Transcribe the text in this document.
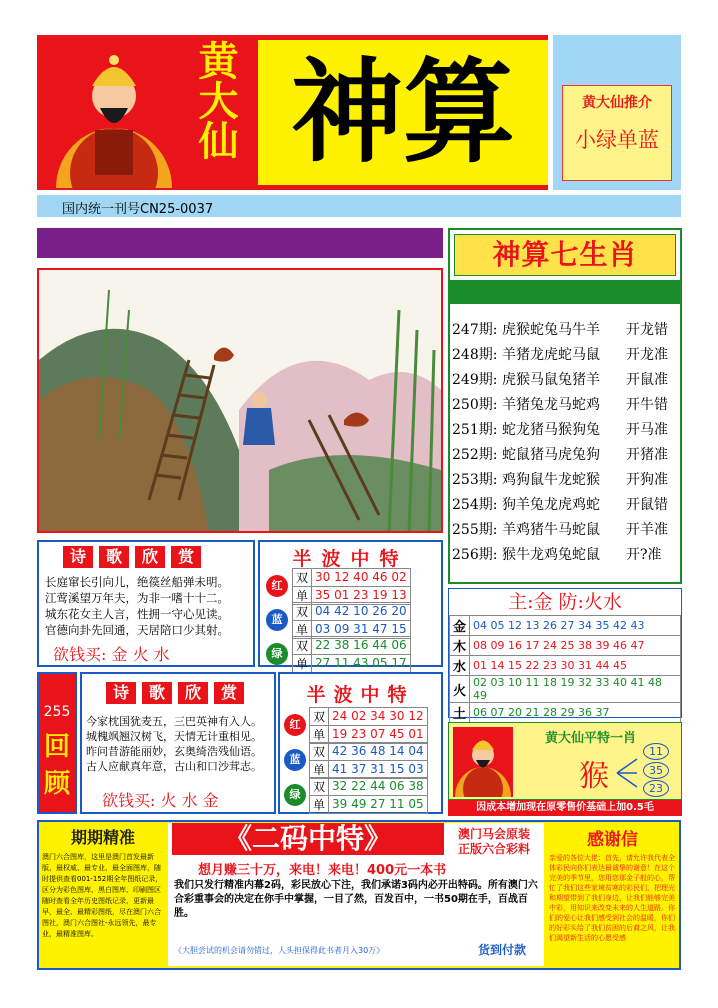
黄大仙 神算	黄大仙推介
小绿单蓝
国内统一刊号CN25-0037
神算七生肖
247期: 虎猴蛇兔马牛羊	开龙错
248期: 羊猪龙虎蛇马鼠	开龙准
249期: 虎猴马鼠兔猪羊	开鼠准
250期: 羊猪兔龙马蛇鸡	开牛错
251期: 蛇龙猪马猴狗兔	开马准
252期: 蛇鼠猪马虎兔狗	开猪准
253期: 鸡狗鼠牛龙蛇猴	开狗准
254期: 狗羊兔龙虎鸡蛇	开鼠错
255期: 羊鸡猪牛马蛇鼠	开羊准
256期: 猴牛龙鸡兔蛇鼠	开?准
诗	歌	欣	赏
长庭窜长引向儿，绝篌丝船弹未明。
江莺溪望万年夫，为非一嗜十十二。
城东花女主人言，性拥一守心见读。
官德向卦先回通，天居陪口少其射。
欲钱买: 金 火 水
半波中特
红
双	30 12 40 46 02
单	35 01 23 19 13
蓝
双	04 42 10 26 20
单	03 09 31 47 15
绿
双	22 38 16 44 06
单	27 11 43 05 17
主:金 防:火水
金	04 05 12 13 26 27 34 35 42 43
木	08 09 16 17 24 25 38 39 46 47
水	01 14 15 22 23 30 31 44 45
火	02 03 10 11 18 19 32 33 40 41 48 49
土	06 07 20 21 28 29 36 37
255
回
顾
诗	歌	欣	赏
今家枕国犹麦五，三巴英神有入人。
城槐飒翘汉树飞，天情无计重相见。
昨问昔游能丽妙，玄奥绮浩残仙语。
古人应献真年意，古山和口沙茸志。
欲钱买: 火 水 金
半波中特
红
双	24 02 34 30 12
单	19 23 07 45 01
蓝
双	42 36 48 14 04
单	41 37 31 15 03
绿
双	32 22 44 06 38
单	39 49 27 11 05
黄大仙平特一肖
猴
11
35
23
因成本增加现在原零售价基础上加0.5毛
期期精准
澳门六合图库，这里是澳门首发最新版、最权威、最专业、最全面图库，随时提供查看001-152期全年图纸记录，区分为彩色图库、黑白图库、印刷图区 随时查看全年历史图纸记录，更新最早，最全、最精彩图纸，尽在澳门六合图社，澳门六合图社-永远领先，最专业，最精准图库。
《二码中特》	澳门马会原装
正版六合彩料
想月赚三十万，来电！来电！400元一本书
我们只发行精准内幕2码，彩民放心下注，我们承诺3码内必开出特码。所有澳门六合彩重事会的决定在你手中掌握，一目了然，百发百中，一书50期在手，百战百胜。
《大胆尝试的机会请勿错过，人头担保得此书者月入30万》	货到付款
感谢信
亲爱的各位大佬：首先，请允许我代表全体彩民向你们表达最诚挚的谢意！在这个完美的季节里，您用您那金子般的心，帮忙了我们这些家境贫寒的彩民们，把理光和期望带到了我们身边，让我们能够完美中彩，用知识来改变未来的人生道路。你们的爱心让我们感受到社会的温暖，你们的好彩头给了我们贫困的后裔之风，让我们渴望新生活的心愿受感
